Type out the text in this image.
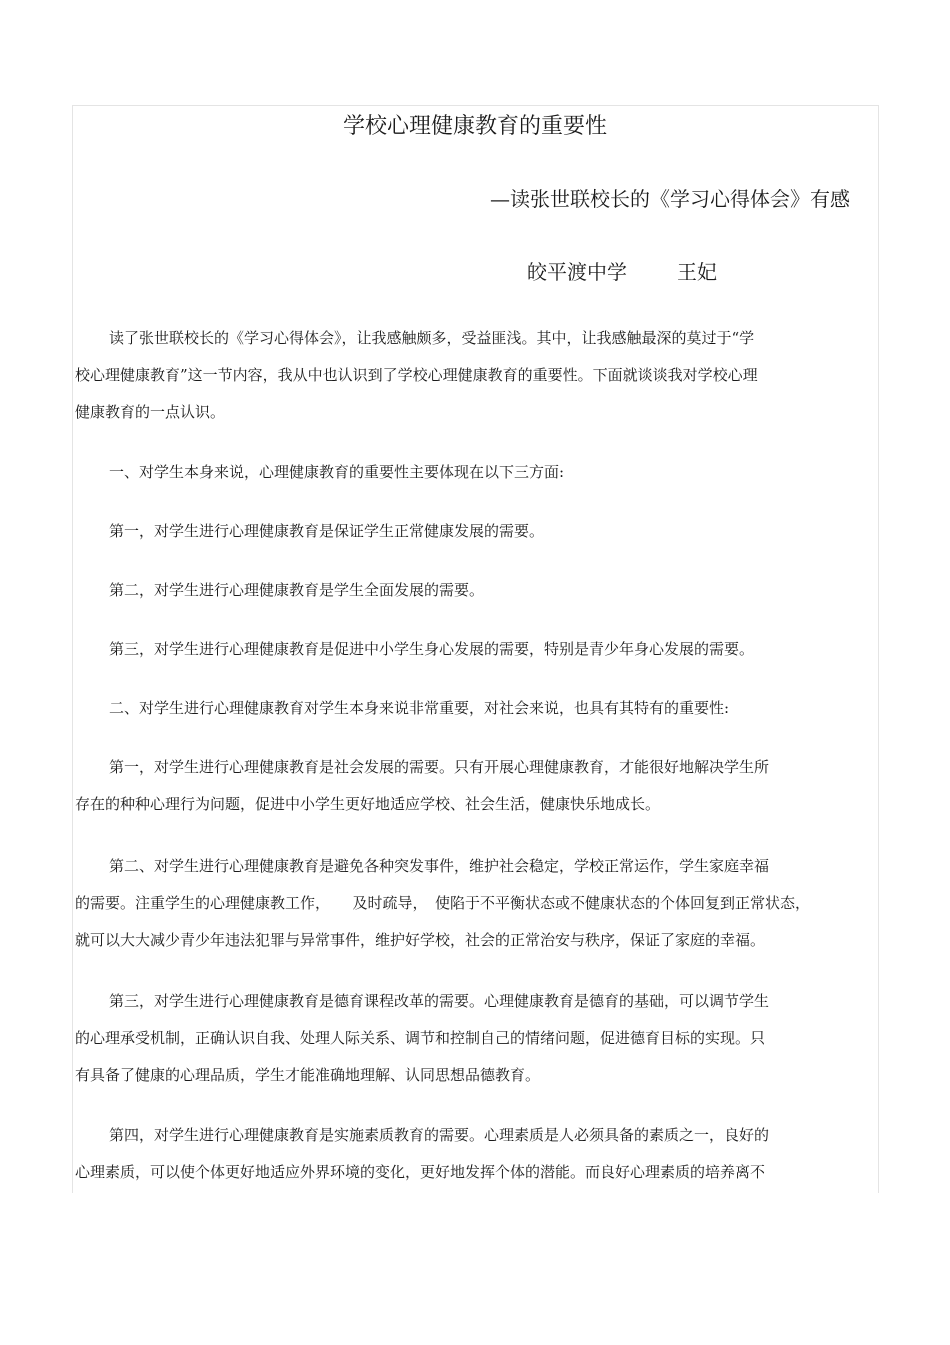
学校心理健康教育的重要性
—读张世联校长的《学习心得体会》有感
皎平渡中学	王妃
读了张世联校长的《学习心得体会》，让我感触颇多，受益匪浅。其中，让我感触最深的莫过于“学
校心理健康教育”这一节内容，我从中也认识到了学校心理健康教育的重要性。下面就谈谈我对学校心理
健康教育的一点认识。
一、对学生本身来说，心理健康教育的重要性主要体现在以下三方面:
第一，对学生进行心理健康教育是保证学生正常健康发展的需要。
第二，对学生进行心理健康教育是学生全面发展的需要。
第三，对学生进行心理健康教育是促进中小学生身心发展的需要，特别是青少年身心发展的需要。
二、对学生进行心理健康教育对学生本身来说非常重要，对社会来说，也具有其特有的重要性:
第一，对学生进行心理健康教育是社会发展的需要。只有开展心理健康教育，才能很好地解决学生所
存在的种种心理行为问题，促进中小学生更好地适应学校、社会生活，健康快乐地成长。
第二、对学生进行心理健康教育是避免各种突发事件，维护社会稳定，学校正常运作，学生家庭幸福
的需要。注重学生的心理健康教工作，　　及时疏导，　使陷于不平衡状态或不健康状态的个体回复到正常状态，
就可以大大减少青少年违法犯罪与异常事件，维护好学校，社会的正常治安与秩序，保证了家庭的幸福。
第三，对学生进行心理健康教育是德育课程改革的需要。心理健康教育是德育的基础，可以调节学生
的心理承受机制，正确认识自我、处理人际关系、调节和控制自己的情绪问题，促进德育目标的实现。只
有具备了健康的心理品质，学生才能准确地理解、认同思想品德教育。
第四，对学生进行心理健康教育是实施素质教育的需要。心理素质是人必须具备的素质之一，良好的
心理素质，可以使个体更好地适应外界环境的变化，更好地发挥个体的潜能。而良好心理素质的培养离不
